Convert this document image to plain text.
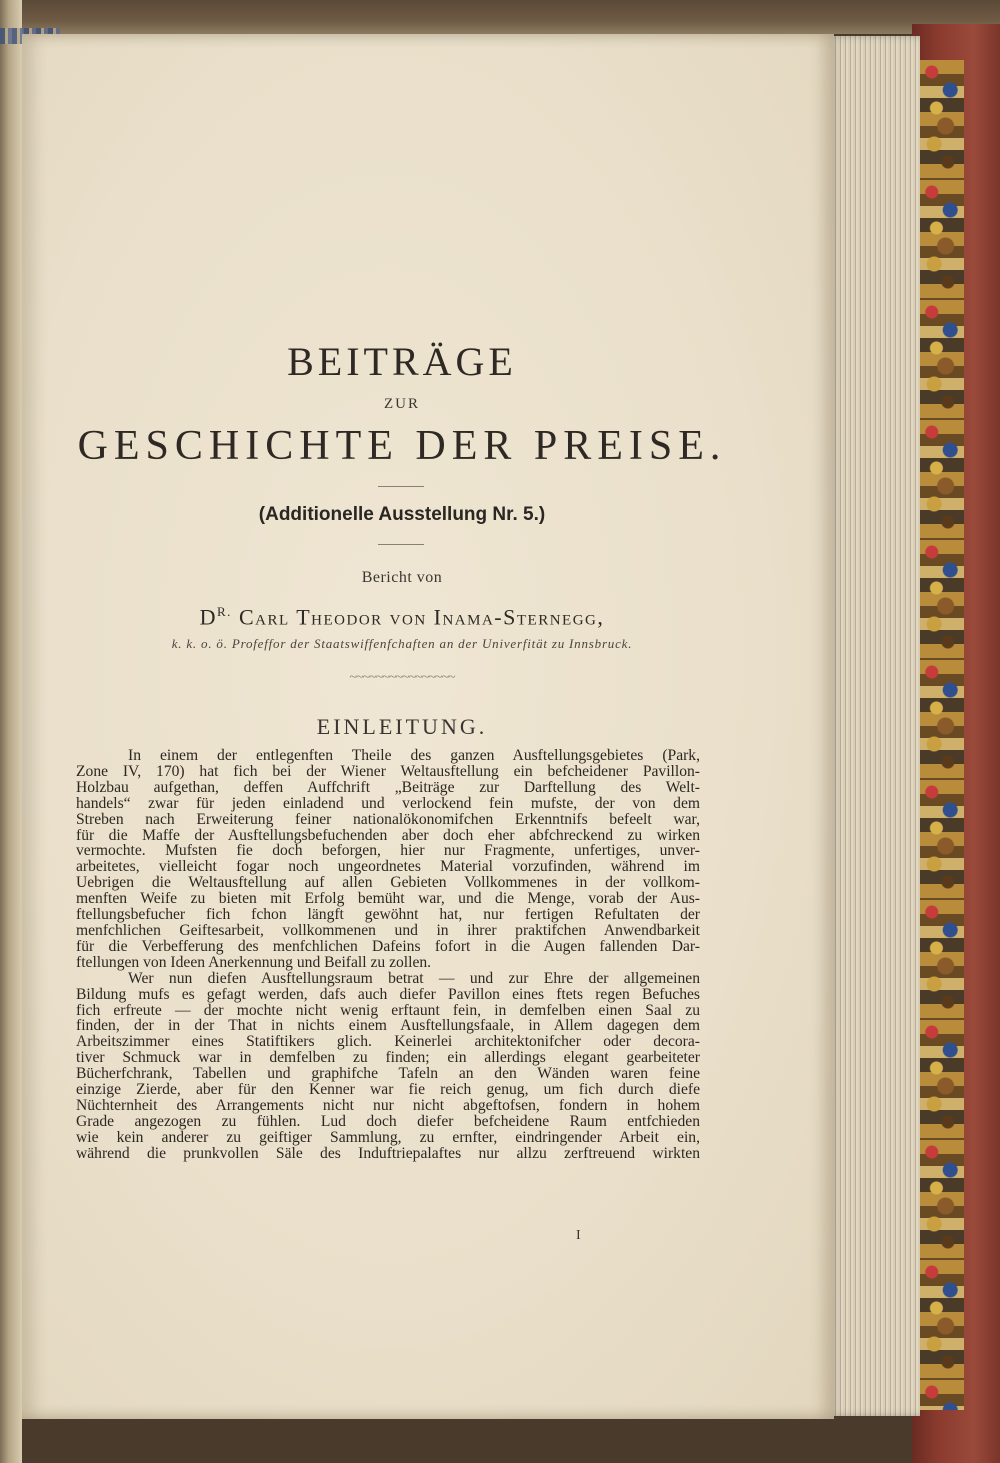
BEITRÄGE
ZUR
GESCHICHTE DER PREISE.
(Additionelle Ausstellung Nr. 5.)
Bericht von
$D^{R.}$ Carl Theodor von Inama-Sternegg,
k. k. o. ö. Profeffor der Staatswiffenfchaften an der Univerfität zu Innsbruck.
~~~~~~~~~~~~~~~~
EINLEITUNG.

In einem der entlegenften Theile des ganzen Ausftellungsgebietes (Park,

Zone IV, 170) hat fich bei der Wiener Weltausftellung ein befcheidener Pavillon-

Holzbau aufgethan, deffen Auffchrift „Beiträge zur Darftellung des Welt-

handels“ zwar für jeden einladend und verlockend fein mufste, der von dem

Streben nach Erweiterung feiner nationalökonomifchen Erkenntnifs befeelt war,

für die Maffe der Ausftellungsbefuchenden aber doch eher abfchreckend zu wirken

vermochte. Mufsten fie doch beforgen, hier nur Fragmente, unfertiges, unver-

arbeitetes, vielleicht fogar noch ungeordnetes Material vorzufinden, während im

Uebrigen die Weltausftellung auf allen Gebieten Vollkommenes in der vollkom-

menften Weife zu bieten mit Erfolg bemüht war, und die Menge, vorab der Aus-

ftellungsbefucher fich fchon längft gewöhnt hat, nur fertigen Refultaten der

menfchlichen Geiftesarbeit, vollkommenen und in ihrer praktifchen Anwendbarkeit

für die Verbefferung des menfchlichen Dafeins fofort in die Augen fallenden Dar-

ftellungen von Ideen Anerkennung und Beifall zu zollen.

Wer nun diefen Ausftellungsraum betrat — und zur Ehre der allgemeinen

Bildung mufs es gefagt werden, dafs auch diefer Pavillon eines ftets regen Befuches

fich erfreute — der mochte nicht wenig erftaunt fein, in demfelben einen Saal zu

finden, der in der That in nichts einem Ausftellungsfaale, in Allem dagegen dem

Arbeitszimmer eines Statiftikers glich. Keinerlei architektonifcher oder decora-

tiver Schmuck war in demfelben zu finden; ein allerdings elegant gearbeiteter

Bücherfchrank, Tabellen und graphifche Tafeln an den Wänden waren feine

einzige Zierde, aber für den Kenner war fie reich genug, um fich durch diefe

Nüchternheit des Arrangements nicht nur nicht abgeftofsen, fondern in hohem

Grade angezogen zu fühlen. Lud doch diefer befcheidene Raum entfchieden

wie kein anderer zu geiftiger Sammlung, zu ernfter, eindringender Arbeit ein,

während die prunkvollen Säle des Induftriepalaftes nur allzu zerftreuend wirkten

I
